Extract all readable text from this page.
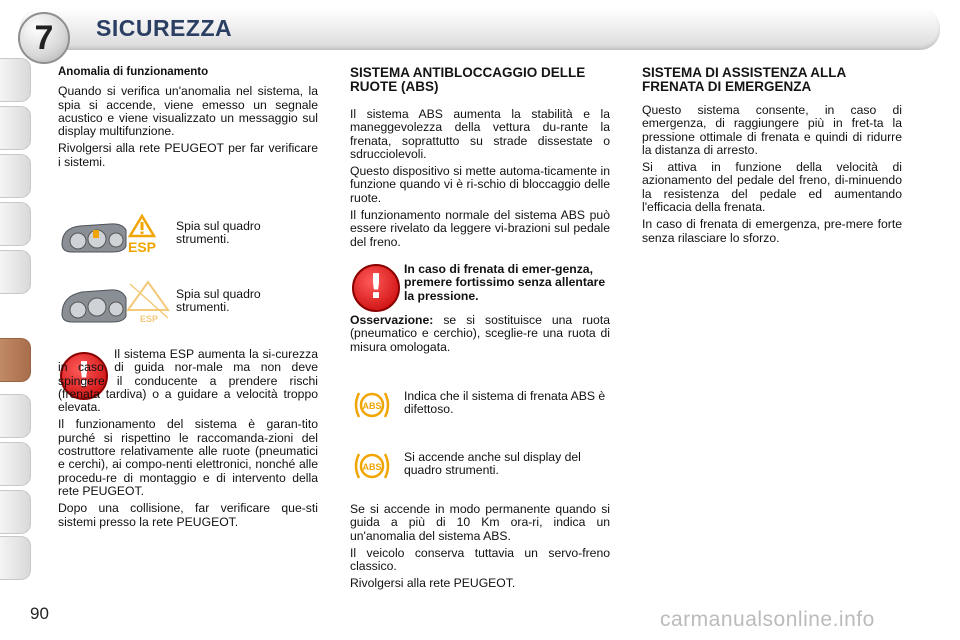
7	SICUREZZA
Anomalia di funzionamento

Quando si verifica un'anomalia nel sistema, la spia si accende, viene emesso un segnale acustico e viene visualizzato un messaggio sul display multifunzione.

Rivolgersi alla rete PEUGEOT per far verificare i sistemi.

ESP
Spia sul quadro strumenti.
ESP
Spia sul quadro strumenti.
!

Il sistema ESP aumenta la si-curezza in caso di guida nor-male ma non deve spingere il conducente a prendere rischi (frenata tardiva) o a guidare a velocità troppo elevata.

Il funzionamento del sistema è garan-tito purché si rispettino le raccomanda-zioni del costruttore relativamente alle ruote (pneumatici e cerchi), ai compo-nenti elettronici, nonché alle procedu-re di montaggio e di intervento della rete PEUGEOT.

Dopo una collisione, far verificare que-sti sistemi presso la rete PEUGEOT.

SISTEMA ANTIBLOCCAGGIO DELLE RUOTE (ABS)

Il sistema ABS aumenta la stabilità e la maneggevolezza della vettura du-rante la frenata, soprattutto su strade dissestate o sdrucciolevoli.

Questo dispositivo si mette automa-ticamente in funzione quando vi è ri-schio di bloccaggio delle ruote.

Il funzionamento normale del sistema ABS può essere rivelato da leggere vi-brazioni sul pedale del freno.

!
In caso di frenata di emer-genza, premere fortissimo senza allentare la pressione.

Osservazione: se si sostituisce una ruota (pneumatico e cerchio), sceglie-re una ruota di misura omologata.

ABS
Indica che il sistema di frenata ABS è difettoso.
ABS
Si accende anche sul display del quadro strumenti.

Se si accende in modo permanente quando si guida a più di 10 Km ora-ri, indica un un'anomalia del sistema ABS.

Il veicolo conserva tuttavia un servo-freno classico.

Rivolgersi alla rete PEUGEOT.

SISTEMA DI ASSISTENZA ALLA FRENATA DI EMERGENZA

Questo sistema consente, in caso di emergenza, di raggiungere più in fret-ta la pressione ottimale di frenata e quindi di ridurre la distanza di arresto.

Si attiva in funzione della velocità di azionamento del pedale del freno, di-minuendo la resistenza del pedale ed aumentando l'efficacia della frenata.

In caso di frenata di emergenza, pre-mere forte senza rilasciare lo sforzo.

90	carmanualsonline.info
